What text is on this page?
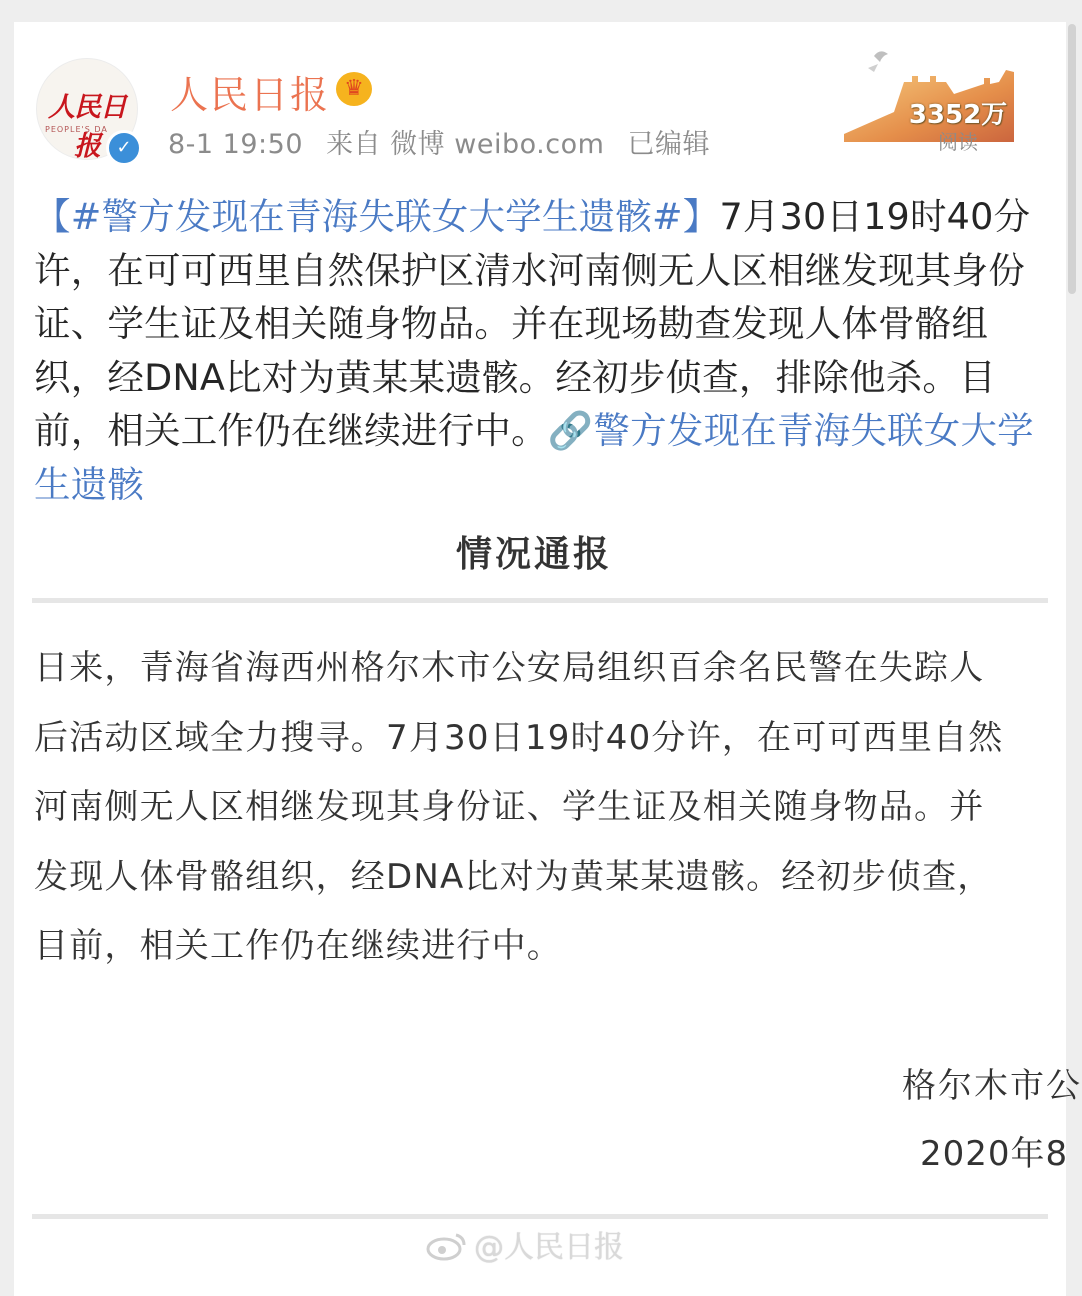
人民日报
PEOPLE'S DA
✓
人民日报 ♛
8-1 19:50 来自 微博 weibo.com 已编辑
3352万
阅读
【#警方发现在青海失联女大学生遗骸#】7月30日19时40分许，在可可西里自然保护区清水河南侧无人区相继发现其身份证、学生证及相关随身物品。并在现场勘查发现人体骨骼组织，经DNA比对为黄某某遗骸。经初步侦查，排除他杀。目前，相关工作仍在继续进行中。🔗警方发现在青海失联女大学生遗骸
情况通报
日来，青海省海西州格尔木市公安局组织百余名民警在失踪人
后活动区域全力搜寻。7月30日19时40分许，在可可西里自然
河南侧无人区相继发现其身份证、学生证及相关随身物品。并
发现人体骨骼组织，经DNA比对为黄某某遗骸。经初步侦查，
目前，相关工作仍在继续进行中。
格尔木市公
2020年8
@人民日报
